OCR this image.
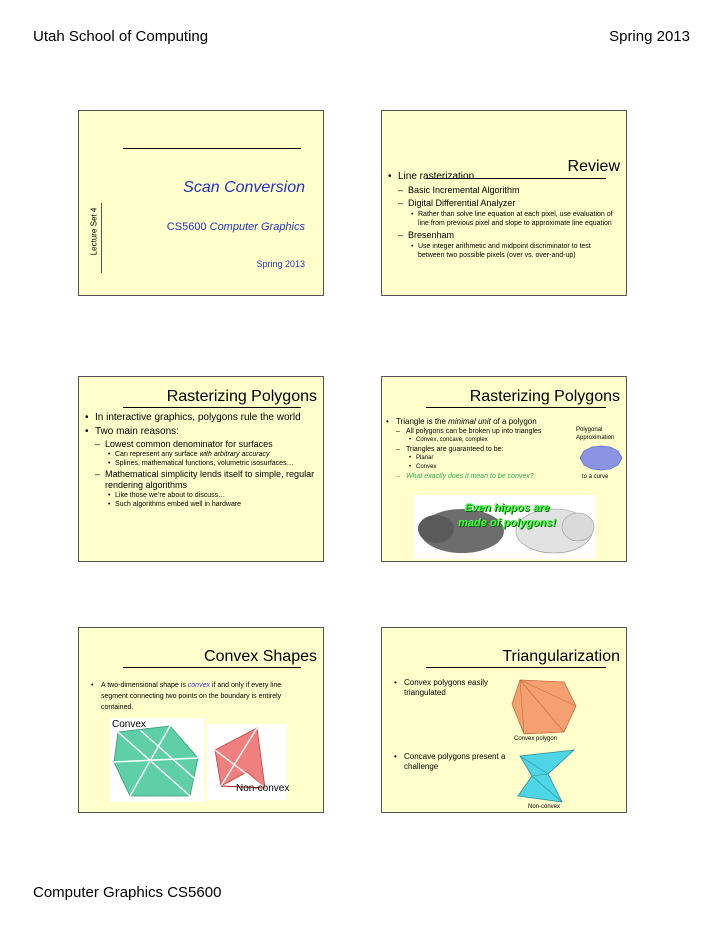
Utah School of Computing	Spring 2013
Scan Conversion
CS5600 Computer Graphics
Spring 2013
Lecture Set 4
Review
• Line rasterization
– Basic Incremental Algorithm
– Digital Differential Analyzer
• Rather than solve line equation at each pixel, use evaluation of line from previous pixel and slope to approximate line equation
– Bresenham
• Use integer arithmetic and midpoint discriminator to test between two possible pixels (over vs. over-and-up)
Rasterizing Polygons
• In interactive graphics, polygons rule the world
• Two main reasons:
– Lowest common denominator for surfaces
• Can represent any surface with arbitrary accuracy
• Splines, mathematical functions, volumetric isosurfaces…
– Mathematical simplicity lends itself to simple, regular rendering algorithms
• Like those we’re about to discuss…
• Such algorithms embed well in hardware
Rasterizing Polygons
• Triangle is the minimal unit of a polygon
– All polygons can be broken up into triangles
• Convex, concave, complex
– Triangles are guaranteed to be:
• Planar
• Convex
– What exactly does it mean to be convex?
Polygonal Approximation
to a curve
Even hippos are made of polygons!
Convex Shapes
• A two-dimensional shape is convex if and only if every line segment connecting two points on the boundary is entirely contained.
Convex
Non-convex
Triangularization
• Convex polygons easily triangulated
• Concave polygons present a challenge
Convex polygon
Non-convex
Computer Graphics CS5600
